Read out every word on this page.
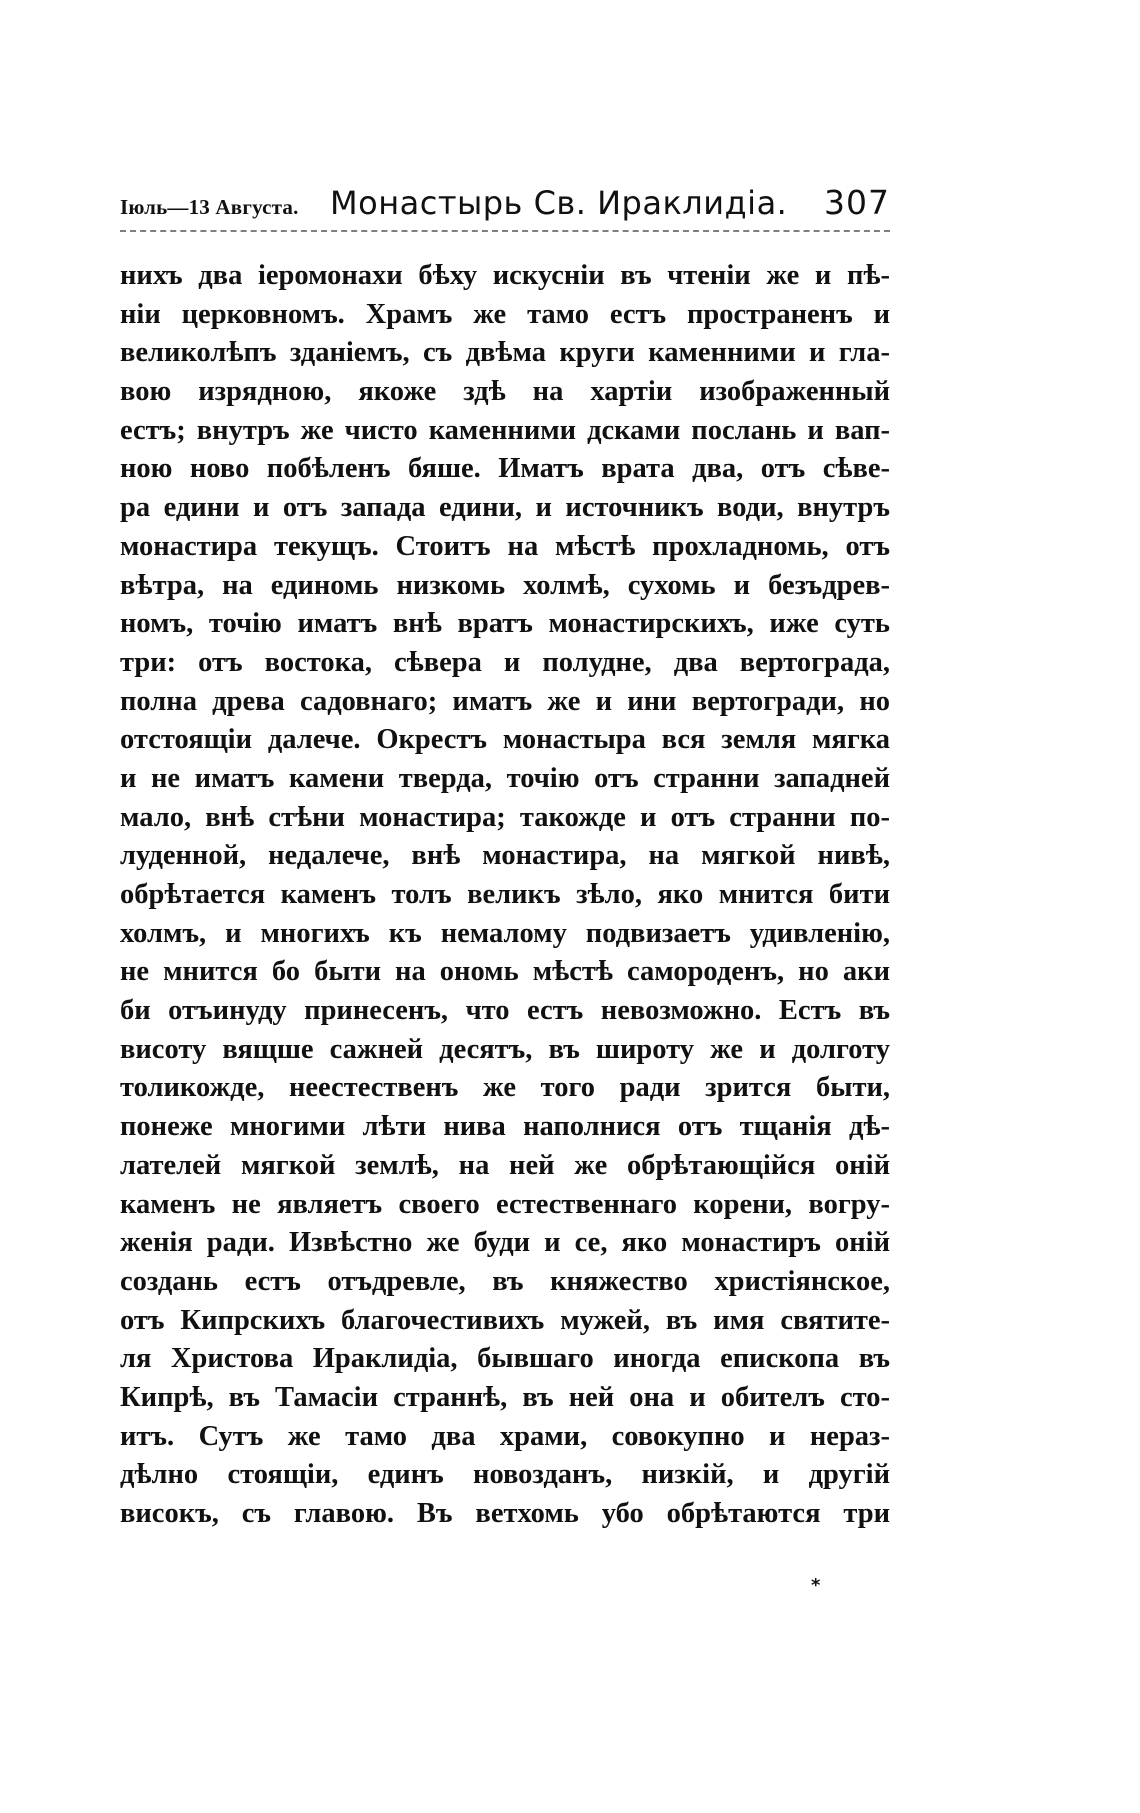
Іюль—13 Августа. Монастырь Св. Ираклидіа. 307
нихъ два іеромонахи бѣху искусніи въ чтеніи же и пѣ-
ніи церковномъ. Храмъ же тамо естъ пространенъ и
великолѣпъ зданіемъ, съ двѣма круги каменними и гла-
вою изрядною, якоже здѣ на хартіи изображенный
естъ; внутръ же чисто каменними дсками послань и вап-
ною ново побѣленъ бяше. Иматъ врата два, отъ сѣве-
ра едини и отъ запада едини, и источникъ води, внутръ
монастира текущъ. Стоитъ на мѣстѣ прохладномь, отъ
вѣтра, на единомь низкомь холмѣ, сухомь и безъдрев-
номъ, точію иматъ внѣ вратъ монастирскихъ, иже суть
три: отъ востока, сѣвера и полудне, два вертограда,
полна древа садовнаго; иматъ же и ини вертогради, но
отстоящіи далече. Окрестъ монастыра вся земля мягка
и не иматъ камени тверда, точію отъ странни западней
мало, внѣ стѣни монастира; такожде и отъ странни по-
луденной, недалече, внѣ монастира, на мягкой нивѣ,
обрѣтается каменъ толъ великъ зѣло, яко мнится бити
холмъ, и многихъ къ немалому подвизаетъ удивленію,
не мнится бо быти на ономь мѣстѣ самороденъ, но аки
би отъинуду принесенъ, что естъ невозможно. Естъ въ
висоту вящше сажней десятъ, въ широту же и долготу
толикожде, неестественъ же того ради зрится быти,
понеже многими лѣти нива наполнися отъ тщанія дѣ-
лателей мягкой землѣ, на ней же обрѣтающійся оній
каменъ не являетъ своего естественнаго корени, вогру-
женія ради. Извѣстно же буди и се, яко монастиръ оній
создань естъ отъдревле, въ княжество христіянское,
отъ Кипрскихъ благочестивихъ мужей, въ имя святите-
ля Христова Ираклидіа, бывшаго иногда епископа въ
Кипрѣ, въ Тамасіи страннѣ, въ ней она и обителъ сто-
итъ. Сутъ же тамо два храми, совокупно и нераз-
дѣлно стоящіи, единъ новозданъ, низкій, и другій
високъ, съ главою. Въ ветхомь убо обрѣтаются три
*
